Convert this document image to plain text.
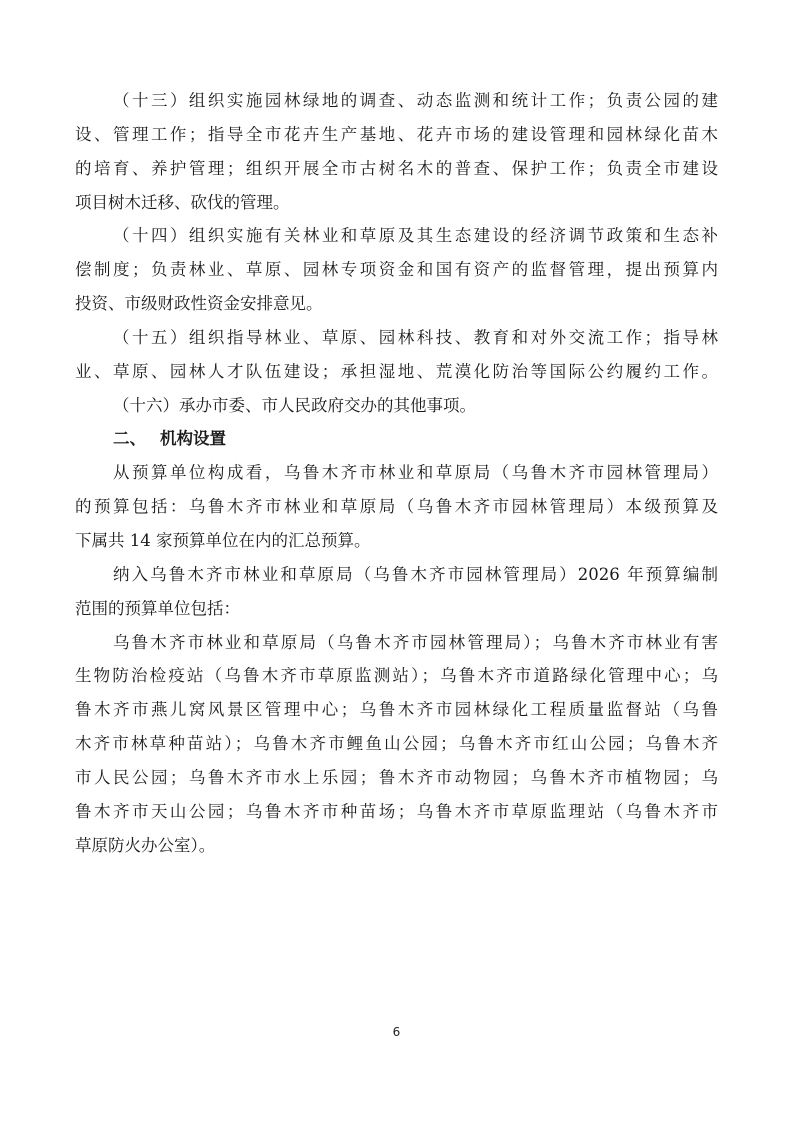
（十三）组织实施园林绿地的调查、动态监测和统计工作；负责公园的建
设、管理工作；指导全市花卉生产基地、花卉市场的建设管理和园林绿化苗木
的培育、养护管理；组织开展全市古树名木的普查、保护工作；负责全市建设
项目树木迁移、砍伐的管理。
（十四）组织实施有关林业和草原及其生态建设的经济调节政策和生态补
偿制度；负责林业、草原、园林专项资金和国有资产的监督管理，提出预算内
投资、市级财政性资金安排意见。
（十五）组织指导林业、草原、园林科技、教育和对外交流工作；指导林
业、草原、园林人才队伍建设；承担湿地、荒漠化防治等国际公约履约工作。
（十六）承办市委、市人民政府交办的其他事项。
二、 机构设置
从预算单位构成看，乌鲁木齐市林业和草原局（乌鲁木齐市园林管理局）
的预算包括：乌鲁木齐市林业和草原局（乌鲁木齐市园林管理局）本级预算及
下属共 14 家预算单位在内的汇总预算。
纳入乌鲁木齐市林业和草原局（乌鲁木齐市园林管理局）2026 年预算编制
范围的预算单位包括：
乌鲁木齐市林业和草原局（乌鲁木齐市园林管理局）；乌鲁木齐市林业有害
生物防治检疫站（乌鲁木齐市草原监测站）；乌鲁木齐市道路绿化管理中心；乌
鲁木齐市燕儿窝风景区管理中心；乌鲁木齐市园林绿化工程质量监督站（乌鲁
木齐市林草种苗站）；乌鲁木齐市鲤鱼山公园；乌鲁木齐市红山公园；乌鲁木齐
市人民公园；乌鲁木齐市水上乐园；鲁木齐市动物园；乌鲁木齐市植物园；乌
鲁木齐市天山公园；乌鲁木齐市种苗场；乌鲁木齐市草原监理站（乌鲁木齐市
草原防火办公室）。
6
